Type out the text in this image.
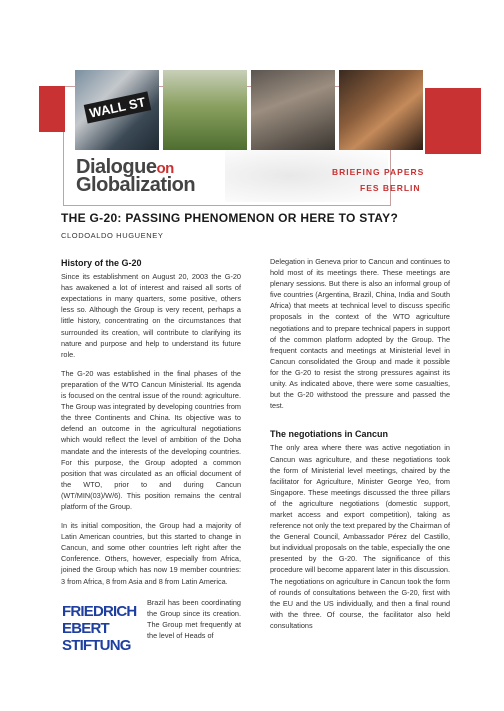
WALL ST
Dialogueon
Globalization
BRIEFING PAPERS
FES BERLIN
THE G-20: PASSING PHENOMENON OR HERE TO STAY?
CLODOALDO HUGUENEY
History of the G-20

Since its establishment on August 20, 2003 the G-20 has awakened a lot of interest and raised all sorts of expectations in many quarters, some positive, others less so. Although the Group is very recent, perhaps a little history, concentrating on the circumstances that surrounded its creation, will contribute to clarifying its nature and purpose and help to understand its future role.

The G-20 was established in the final phases of the preparation of the WTO Cancun Ministerial. Its agenda is focused on the central issue of the round: agriculture. The Group was integrated by developing countries from the three Continents and China. Its objective was to defend an outcome in the agricultural negotiations which would reflect the level of ambition of the Doha mandate and the interests of the developing countries. For this purpose, the Group adopted a common position that was circulated as an official document of the WTO, prior to and during Cancun (WT/MIN(03)/W/6). This position remains the central platform of the Group.

In its initial composition, the Group had a majority of Latin American countries, but this started to change in Cancun, and some other countries left right after the Conference. Others, however, especially from Africa, joined the Group which has now 19 member countries: 3 from Africa, 8 from Asia and 8 from Latin America.

FRIEDRICH
EBERT
STIFTUNG
Brazil has been coordinating the Group since its creation. The Group met frequently at the level of Heads of

Delegation in Geneva prior to Cancun and continues to hold most of its meetings there. These meetings are plenary sessions. But there is also an informal group of five countries (Argentina, Brazil, China, India and South Africa) that meets at technical level to discuss specific proposals in the context of the WTO agriculture negotiations and to prepare technical papers in support of the common platform adopted by the Group. The frequent contacts and meetings at Ministerial level in Cancun consolidated the Group and made it possible for the G-20 to resist the strong pressures against its unity. As indicated above, there were some casualties, but the G-20 withstood the pressure and passed the test.

The negotiations in Cancun

The only area where there was active negotiation in Cancun was agriculture, and these negotiations took the form of Ministerial level meetings, chaired by the facilitator for Agriculture, Minister George Yeo, from Singapore. These meetings discussed the three pillars of the agriculture negotiations (domestic support, market access and export competition), taking as reference not only the text prepared by the Chairman of the General Council, Ambassador Pérez del Castillo, but individual proposals on the table, especially the one presented by the G-20. The significance of this procedure will become apparent later in this discussion. The negotiations on agriculture in Cancun took the form of rounds of consultations between the G-20, first with the EU and the US individually, and then a final round with the three. Of course, the facilitator also held consultations
